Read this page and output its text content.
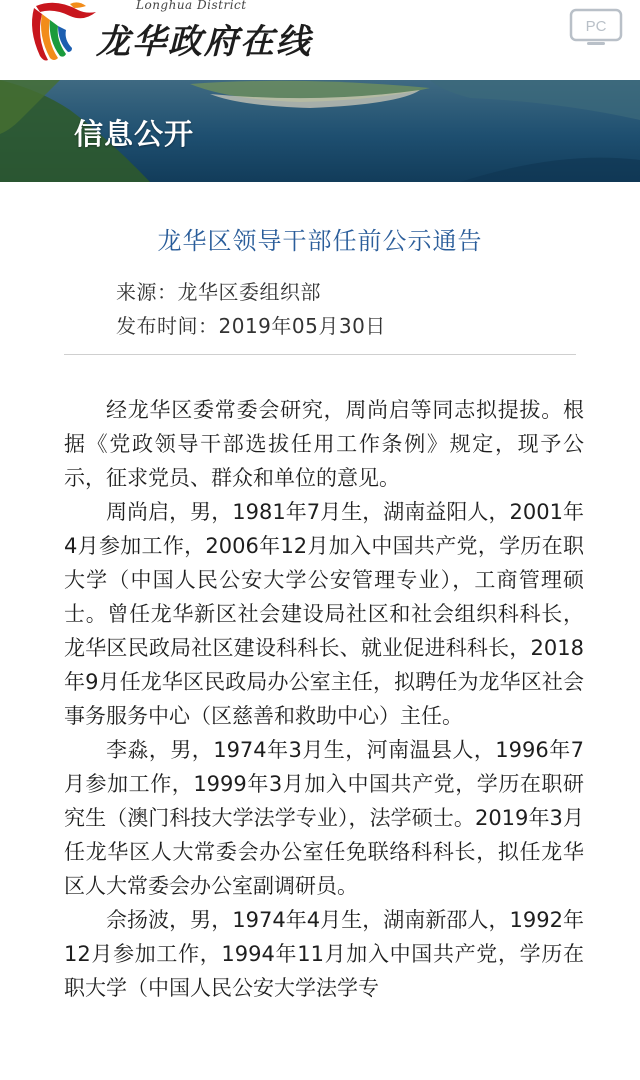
Longhua District
龙华政府在线	PC
信息公开
龙华区领导干部任前公示通告
来源：龙华区委组织部
发布时间：2019年05月30日

经龙华区委常委会研究，周尚启等同志拟提拔。根据《党政领导干部选拔任用工作条例》规定，现予公示，征求党员、群众和单位的意见。

周尚启，男，1981年7月生，湖南益阳人，2001年4月参加工作，2006年12月加入中国共产党，学历在职大学（中国人民公安大学公安管理专业），工商管理硕士。曾任龙华新区社会建设局社区和社会组织科科长，龙华区民政局社区建设科科长、就业促进科科长，2018年9月任龙华区民政局办公室主任，拟聘任为龙华区社会事务服务中心（区慈善和救助中心）主任。

李淼，男，1974年3月生，河南温县人，1996年7月参加工作，1999年3月加入中国共产党，学历在职研究生（澳门科技大学法学专业），法学硕士。2019年3月任龙华区人大常委会办公室任免联络科科长，拟任龙华区人大常委会办公室副调研员。

佘扬波，男，1974年4月生，湖南新邵人，1992年12月参加工作，1994年11月加入中国共产党，学历在职大学（中国人民公安大学法学专
